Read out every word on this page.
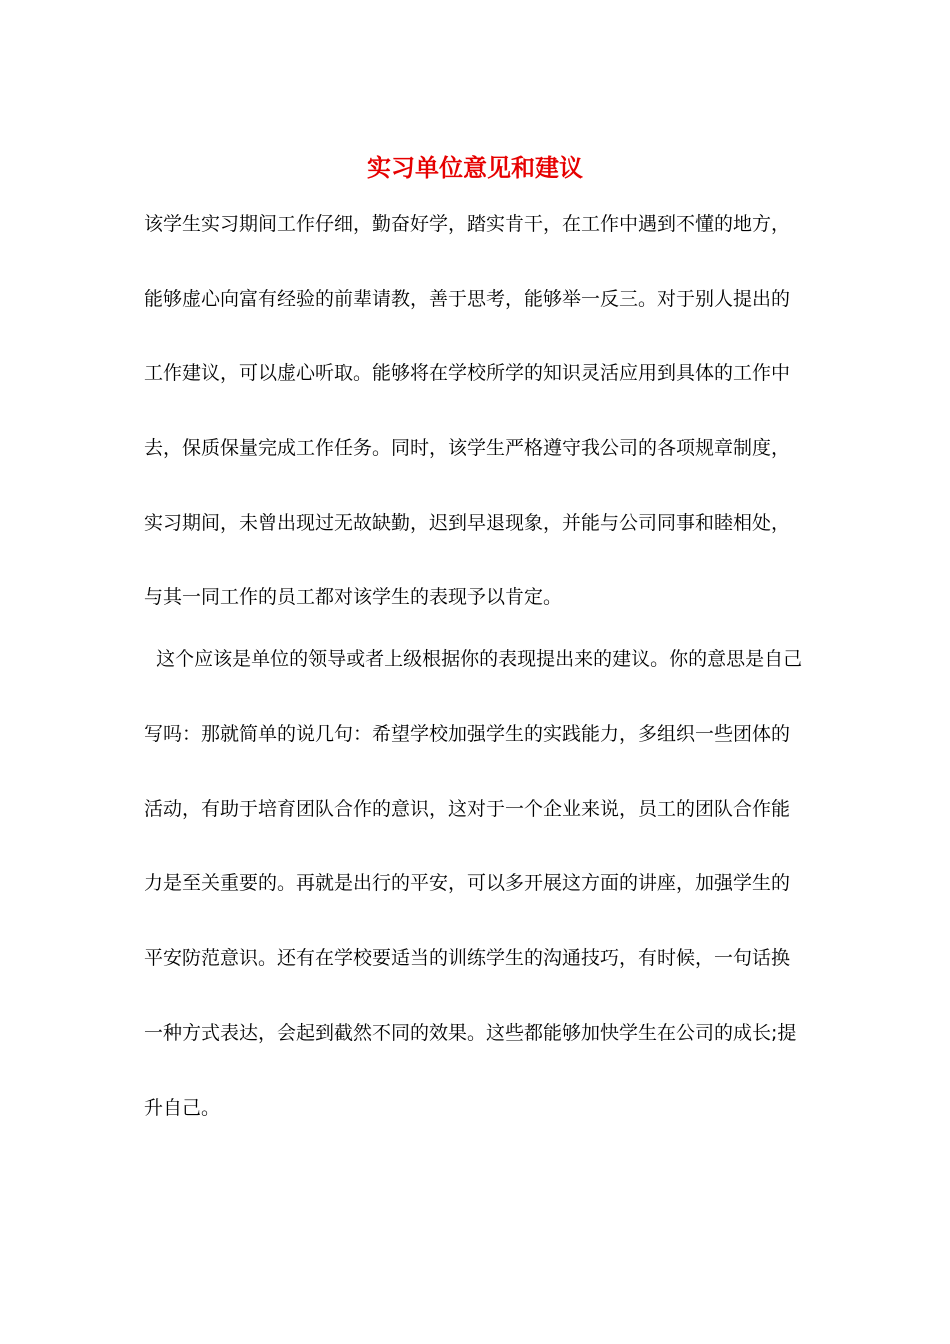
实习单位意见和建议
该学生实习期间工作仔细，勤奋好学，踏实肯干，在工作中遇到不懂的地方，
能够虚心向富有经验的前辈请教，善于思考，能够举一反三。对于别人提出的
工作建议，可以虚心听取。能够将在学校所学的知识灵活应用到具体的工作中
去，保质保量完成工作任务。同时，该学生严格遵守我公司的各项规章制度，
实习期间，未曾出现过无故缺勤，迟到早退现象，并能与公司同事和睦相处，
与其一同工作的员工都对该学生的表现予以肯定。
这个应该是单位的领导或者上级根据你的表现提出来的建议。你的意思是自己
写吗：那就简单的说几句：希望学校加强学生的实践能力，多组织一些团体的
活动，有助于培育团队合作的意识，这对于一个企业来说，员工的团队合作能
力是至关重要的。再就是出行的平安，可以多开展这方面的讲座，加强学生的
平安防范意识。还有在学校要适当的训练学生的沟通技巧，有时候，一句话换
一种方式表达，会起到截然不同的效果。这些都能够加快学生在公司的成长;提
升自己。
